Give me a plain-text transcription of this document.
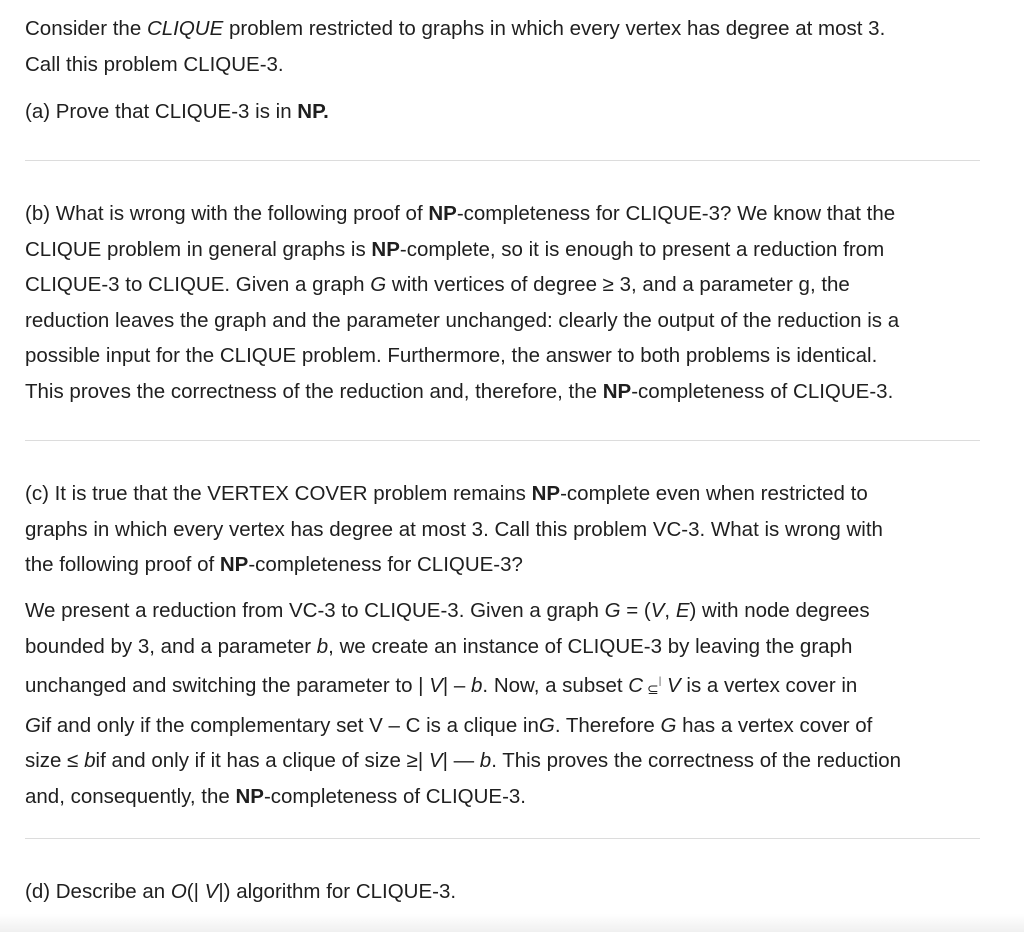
Consider the CLIQUE problem restricted to graphs in which every vertex has degree at most 3.
Call this problem CLIQUE-3.
(a) Prove that CLIQUE-3 is in NP.
(b) What is wrong with the following proof of NP-completeness for CLIQUE-3? We know that the
CLIQUE problem in general graphs is NP-complete, so it is enough to present a reduction from
CLIQUE-3 to CLIQUE. Given a graph G with vertices of degree ≥ 3, and a parameter g, the
reduction leaves the graph and the parameter unchanged: clearly the output of the reduction is a
possible input for the CLIQUE problem. Furthermore, the answer to both problems is identical.
This proves the correctness of the reduction and, therefore, the NP-completeness of CLIQUE-3.
(c) It is true that the VERTEX COVER problem remains NP-complete even when restricted to
graphs in which every vertex has degree at most 3. Call this problem VC-3. What is wrong with
the following proof of NP-completeness for CLIQUE-3?
We present a reduction from VC-3 to CLIQUE-3. Given a graph G = (V, E) with node degrees
bounded by 3, and a parameter b, we create an instance of CLIQUE-3 by leaving the graph
unchanged and switching the parameter to | V| – b. Now, a subset C ⊆| V is a vertex cover in
Gif and only if the complementary set V – C is a clique inG. Therefore G has a vertex cover of
size ≤ bif and only if it has a clique of size ≥| V| — b. This proves the correctness of the reduction
and, consequently, the NP-completeness of CLIQUE-3.
(d) Describe an O(| V|) algorithm for CLIQUE-3.
